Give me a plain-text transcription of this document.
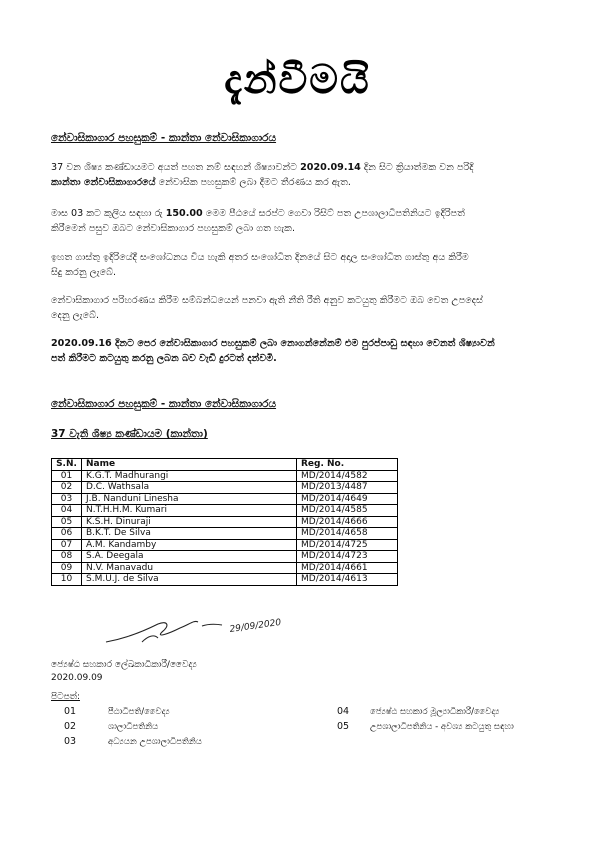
දැන්වීමයි
නේවාසිකාගාර පහසුකම් - කාන්තා නේවාසිකාගාරය
37 වන ශිෂ්‍ය කණ්ඩායමට අයත් පහත නම් සඳහන් ශිෂ්‍යාවන්ට 2020.09.14 දින සිට ක්‍රියාත්මක වන පරිදි
කාන්තා නේවාසිකාගාරයේ නේවාසික පහසුකම් ලබා දීමට තීරණය කර ඇත.
මාස 03 කට කුලිය සඳහා රු 150.00 මෙම පීඨයේ සරප්ට ගෙවා රිසිට් පත උපශාලාධිපතිනියට ඉදිරිපත්
කිරීමෙන් පසුව ඔබට නේවාසිකාගාර පහසුකම් ලබා ගත හැක.
ඉහත ගාස්තු ඉදිරියේදී සංශෝධනය විය හැකි අතර සංශෝධිත දිනයේ සිට අදාල සංශෝධිත ගාස්තු අය කිරීම
සිදු කරනු ලැබේ.
නේවාසිකාගාර පරිහරණය කිරීම සම්බන්ධයෙන් පනවා ඇති නීති රීති අනුව කටයුතු කිරීමට ඔබ වෙත උපදෙස්
දෙනු ලැබේ.
2020.09.16 දිනට පෙර නේවාසිකාගාර පහසුකම් ලබා නොගන්නේනම් එම පුරප්පාඩු සඳහා වෙනත් ශිෂ්‍යාවන්
පත් කිරීමට කටයුතු කරනු ලබන බව වැඩි දුරටත් දන්වමි.
නේවාසිකාගාර පහසුකම් - කාන්තා නේවාසිකාගාරය
37 වැනි ශිෂ්‍ය කණ්ඩායම (කාන්තා)
S.N.	Name	Reg. No.
01	K.G.T. Madhurangi	MD/2014/4582
02	D.C. Wathsala	MD/2013/4487
03	J.B. Nanduni Linesha	MD/2014/4649
04	N.T.H.H.M. Kumari	MD/2014/4585
05	K.S.H. Dinuraji	MD/2014/4666
06	B.K.T. De Silva	MD/2014/4658
07	A.M. Kandamby	MD/2014/4725
08	S.A. Deegala	MD/2014/4723
09	N.V. Manavadu	MD/2014/4661
10	S.M.U.J. de Silva	MD/2014/4613
29/09/2020
ජ්‍යෙෂ්ඨ සහකාර ලේඛකාධිකාරී/වෛද්‍ය
2020.09.09
පිටපත්:
01	පීඨාධිපති/වෛද්‍ය
02	ශාලාධිපතිනිය
03	අධ්‍යයන උපශාලාධිපතිනිය
04 ජ්‍යෙෂ්ඨ සහකාර මූල්‍යාධිකාරී/වෛද්‍ය
05 උපශාලාධිපතිනිය - අවශ්‍ය කටයුතු සඳහා
